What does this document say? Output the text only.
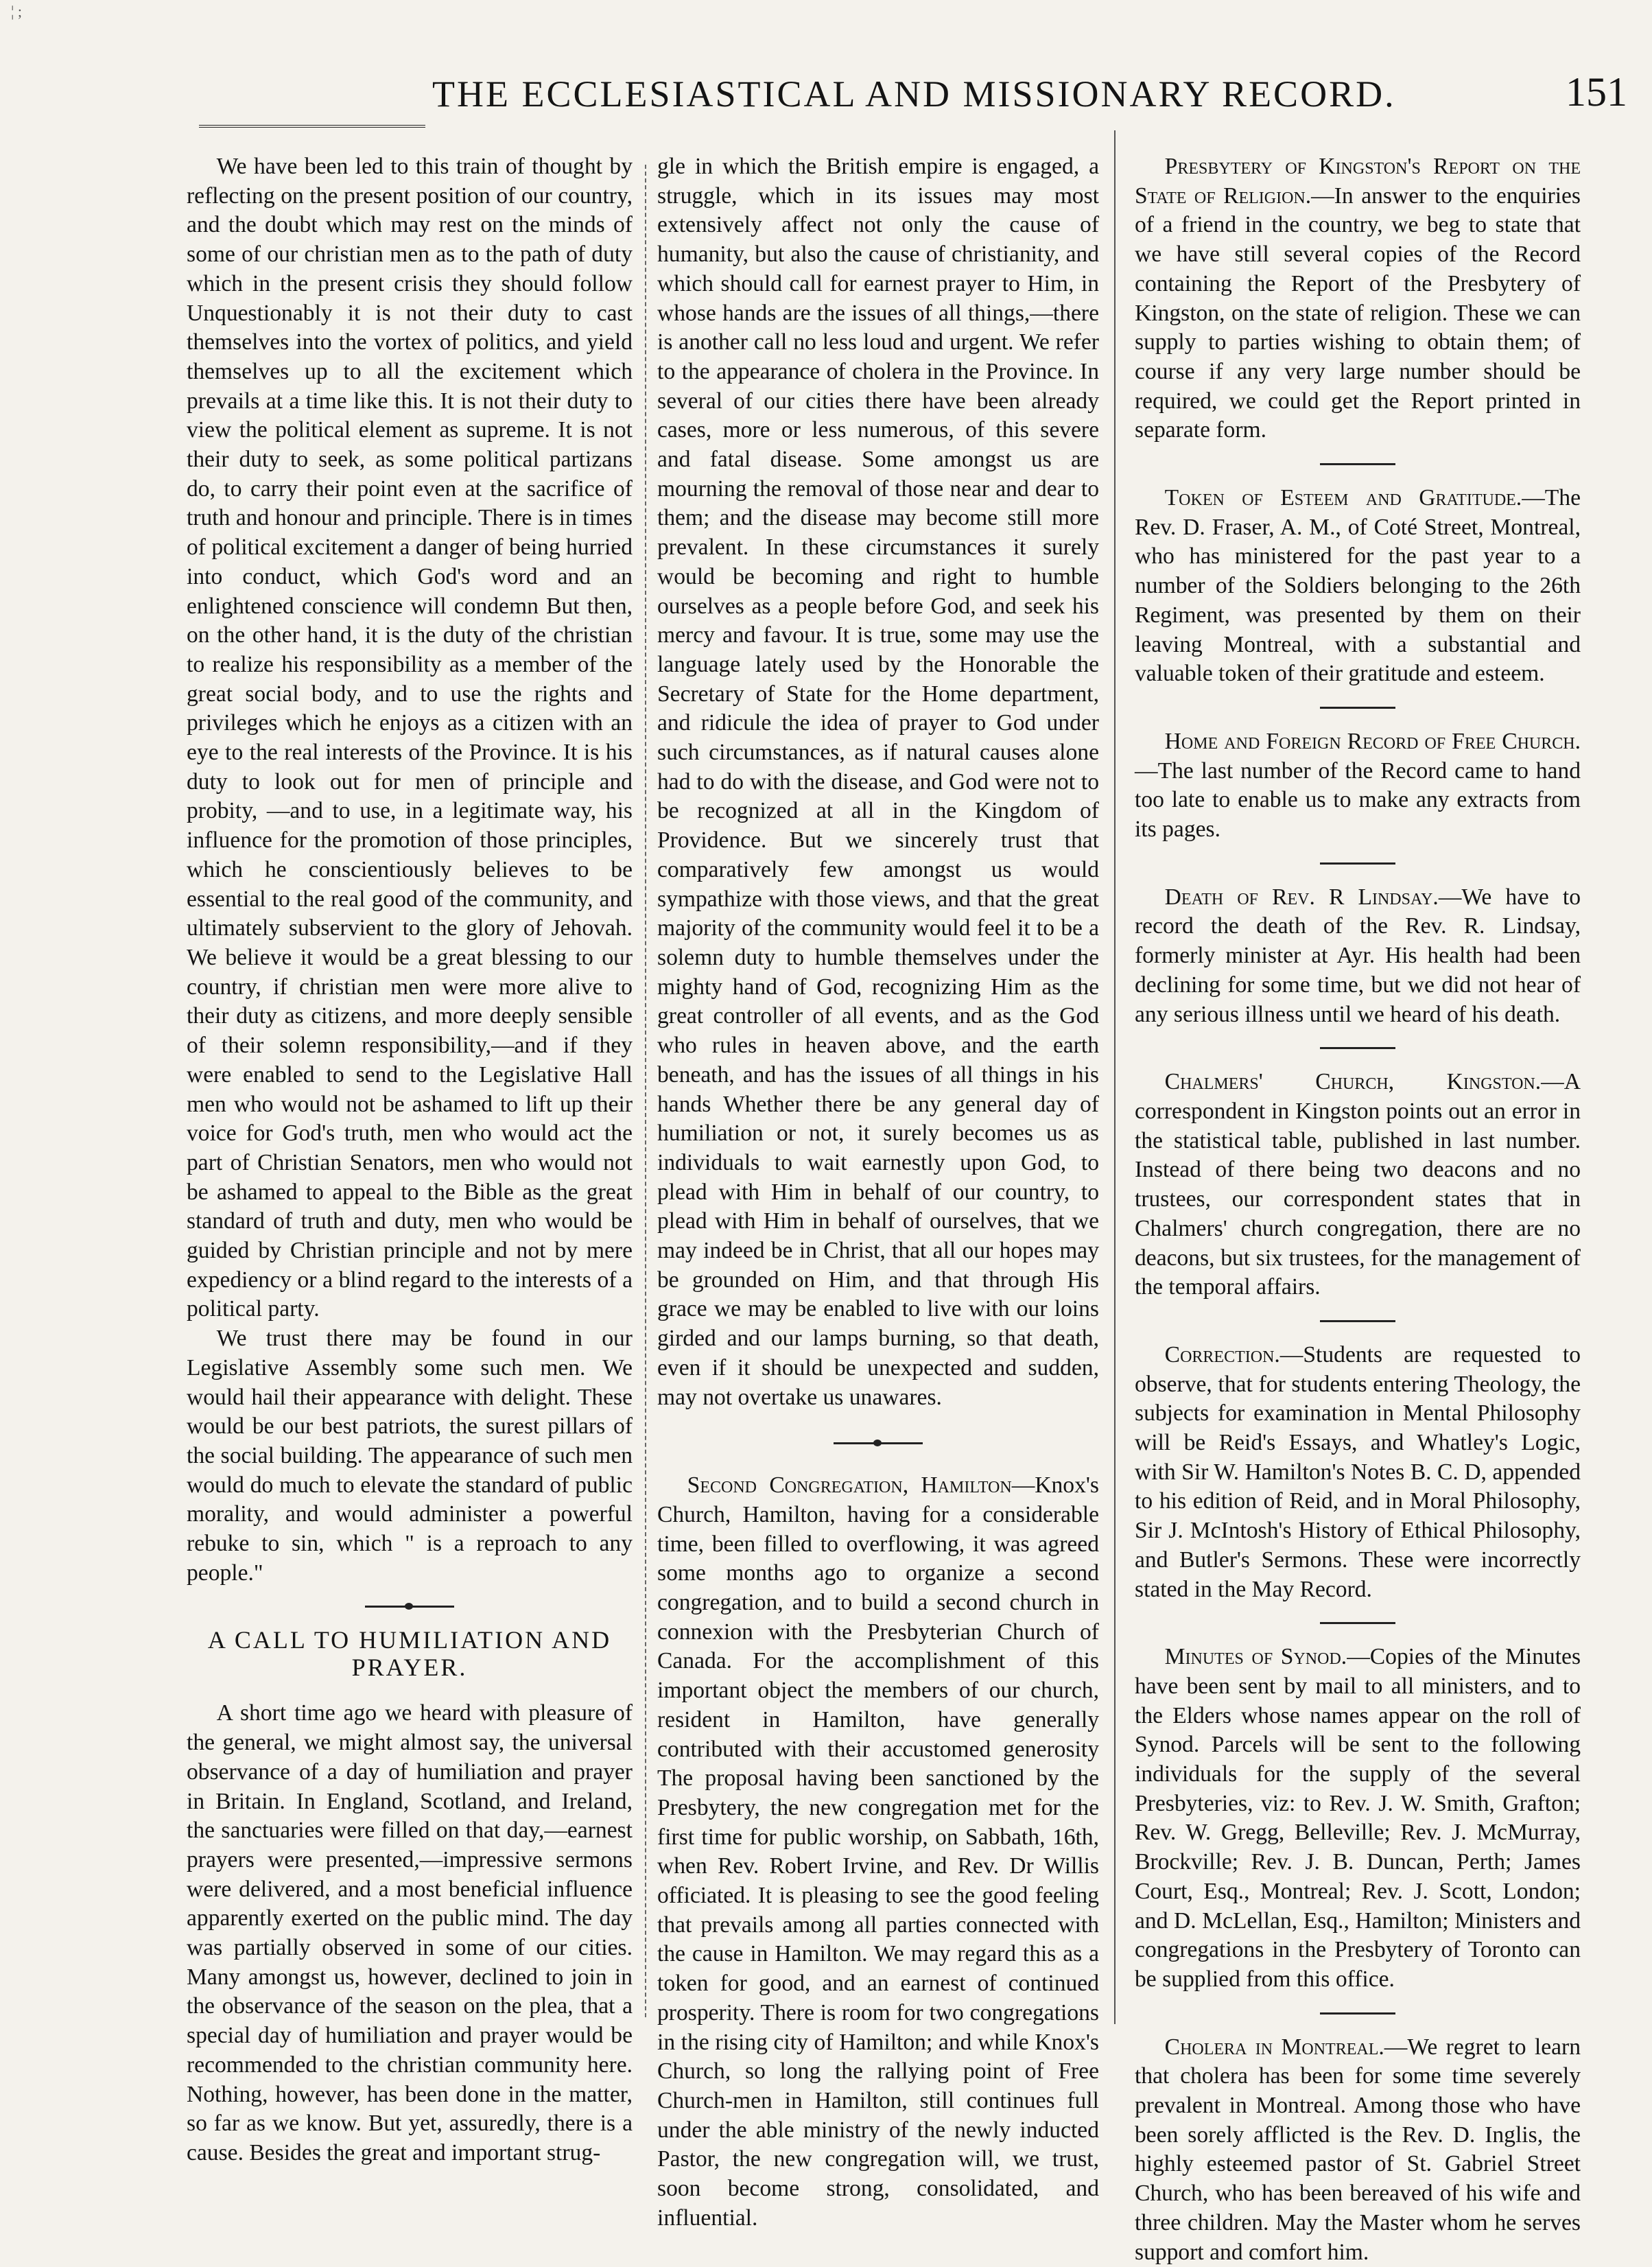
¦ ;
THE ECCLESIASTICAL AND MISSIONARY RECORD.	151

We have been led to this train of thought by reflecting on the present position of our country, and the doubt which may rest on the minds of some of our christian men as to the path of duty which in the present crisis they should follow Unquestionably it is not their duty to cast themselves into the vortex of politics, and yield themselves up to all the excitement which prevails at a time like this. It is not their duty to view the political element as supreme. It is not their duty to seek, as some political partizans do, to carry their point even at the sacrifice of truth and honour and principle. There is in times of political excitement a danger of being hurried into conduct, which God's word and an enlightened conscience will condemn But then, on the other hand, it is the duty of the christian to realize his responsibility as a member of the great social body, and to use the rights and privileges which he enjoys as a citizen with an eye to the real interests of the Province. It is his duty to look out for men of principle and probity, —and to use, in a legitimate way, his influence for the promotion of those principles, which he conscientiously believes to be essential to the real good of the community, and ultimately subservient to the glory of Jehovah. We believe it would be a great blessing to our country, if christian men were more alive to their duty as citizens, and more deeply sensible of their solemn responsibility,—and if they were enabled to send to the Legislative Hall men who would not be ashamed to lift up their voice for God's truth, men who would act the part of Christian Senators, men who would not be ashamed to appeal to the Bible as the great standard of truth and duty, men who would be guided by Christian principle and not by mere expediency or a blind regard to the interests of a political party.

We trust there may be found in our Legislative Assembly some such men. We would hail their appearance with delight. These would be our best patriots, the surest pillars of the social building. The appearance of such men would do much to elevate the standard of public morality, and would administer a powerful rebuke to sin, which " is a reproach to any people."

A CALL TO HUMILIATION AND PRAYER.

A short time ago we heard with pleasure of the general, we might almost say, the universal observance of a day of humiliation and prayer in Britain. In England, Scotland, and Ireland, the sanctuaries were filled on that day,—earnest prayers were presented,—impressive sermons were delivered, and a most beneficial influence apparently exerted on the public mind. The day was partially observed in some of our cities. Many amongst us, however, declined to join in the observance of the season on the plea, that a special day of humiliation and prayer would be recommended to the christian community here. Nothing, however, has been done in the matter, so far as we know. But yet, assuredly, there is a cause. Besides the great and important strug-

gle in which the British empire is engaged, a struggle, which in its issues may most extensively affect not only the cause of humanity, but also the cause of christianity, and which should call for earnest prayer to Him, in whose hands are the issues of all things,—there is another call no less loud and urgent. We refer to the appearance of cholera in the Province. In several of our cities there have been already cases, more or less numerous, of this severe and fatal disease. Some amongst us are mourning the removal of those near and dear to them; and the disease may become still more prevalent. In these circumstances it surely would be becoming and right to humble ourselves as a people before God, and seek his mercy and favour. It is true, some may use the language lately used by the Honorable the Secretary of State for the Home department, and ridicule the idea of prayer to God under such circumstances, as if natural causes alone had to do with the disease, and God were not to be recognized at all in the Kingdom of Providence. But we sincerely trust that comparatively few amongst us would sympathize with those views, and that the great majority of the community would feel it to be a solemn duty to humble themselves under the mighty hand of God, recognizing Him as the great controller of all events, and as the God who rules in heaven above, and the earth beneath, and has the issues of all things in his hands Whether there be any general day of humiliation or not, it surely becomes us as individuals to wait earnestly upon God, to plead with Him in behalf of our country, to plead with Him in behalf of ourselves, that we may indeed be in Christ, that all our hopes may be grounded on Him, and that through His grace we may be enabled to live with our loins girded and our lamps burning, so that death, even if it should be unexpected and sudden, may not overtake us unawares.

Second Congregation, Hamilton—Knox's Church, Hamilton, having for a considerable time, been filled to overflowing, it was agreed some months ago to organize a second congregation, and to build a second church in connexion with the Presbyterian Church of Canada. For the accomplishment of this important object the members of our church, resident in Hamilton, have generally contributed with their accustomed generosity The proposal having been sanctioned by the Presbytery, the new congregation met for the first time for public worship, on Sabbath, 16th, when Rev. Robert Irvine, and Rev. Dr Willis officiated. It is pleasing to see the good feeling that prevails among all parties connected with the cause in Hamilton. We may regard this as a token for good, and an earnest of continued prosperity. There is room for two congregations in the rising city of Hamilton; and while Knox's Church, so long the rallying point of Free Church-men in Hamilton, still continues full under the able ministry of the newly inducted Pastor, the new congregation will, we trust, soon become strong, consolidated, and influential.

Presbytery of Kingston's Report on the State of Religion.—In answer to the enquiries of a friend in the country, we beg to state that we have still several copies of the Record containing the Report of the Presbytery of Kingston, on the state of religion. These we can supply to parties wishing to obtain them; of course if any very large number should be required, we could get the Report printed in separate form.

Token of Esteem and Gratitude.—The Rev. D. Fraser, A. M., of Coté Street, Montreal, who has ministered for the past year to a number of the Soldiers belonging to the 26th Regiment, was presented by them on their leaving Montreal, with a substantial and valuable token of their gratitude and esteem.

Home and Foreign Record of Free Church.—The last number of the Record came to hand too late to enable us to make any extracts from its pages.

Death of Rev. R Lindsay.—We have to record the death of the Rev. R. Lindsay, formerly minister at Ayr. His health had been declining for some time, but we did not hear of any serious illness until we heard of his death.

Chalmers' Church, Kingston.—A correspondent in Kingston points out an error in the statistical table, published in last number. Instead of there being two deacons and no trustees, our correspondent states that in Chalmers' church congregation, there are no deacons, but six trustees, for the management of the temporal affairs.

Correction.—Students are requested to observe, that for students entering Theology, the subjects for examination in Mental Philosophy will be Reid's Essays, and Whatley's Logic, with Sir W. Hamilton's Notes B. C. D, appended to his edition of Reid, and in Moral Philosophy, Sir J. McIntosh's History of Ethical Philosophy, and Butler's Sermons. These were incorrectly stated in the May Record.

Minutes of Synod.—Copies of the Minutes have been sent by mail to all ministers, and to the Elders whose names appear on the roll of Synod. Parcels will be sent to the following individuals for the supply of the several Presbyteries, viz: to Rev. J. W. Smith, Grafton; Rev. W. Gregg, Belleville; Rev. J. McMurray, Brockville; Rev. J. B. Duncan, Perth; James Court, Esq., Montreal; Rev. J. Scott, London; and D. McLellan, Esq., Hamilton; Ministers and congregations in the Presbytery of Toronto can be supplied from this office.

Cholera in Montreal.—We regret to learn that cholera has been for some time severely prevalent in Montreal. Among those who have been sorely afflicted is the Rev. D. Inglis, the highly esteemed pastor of St. Gabriel Street Church, who has been bereaved of his wife and three children. May the Master whom he serves support and comfort him.
